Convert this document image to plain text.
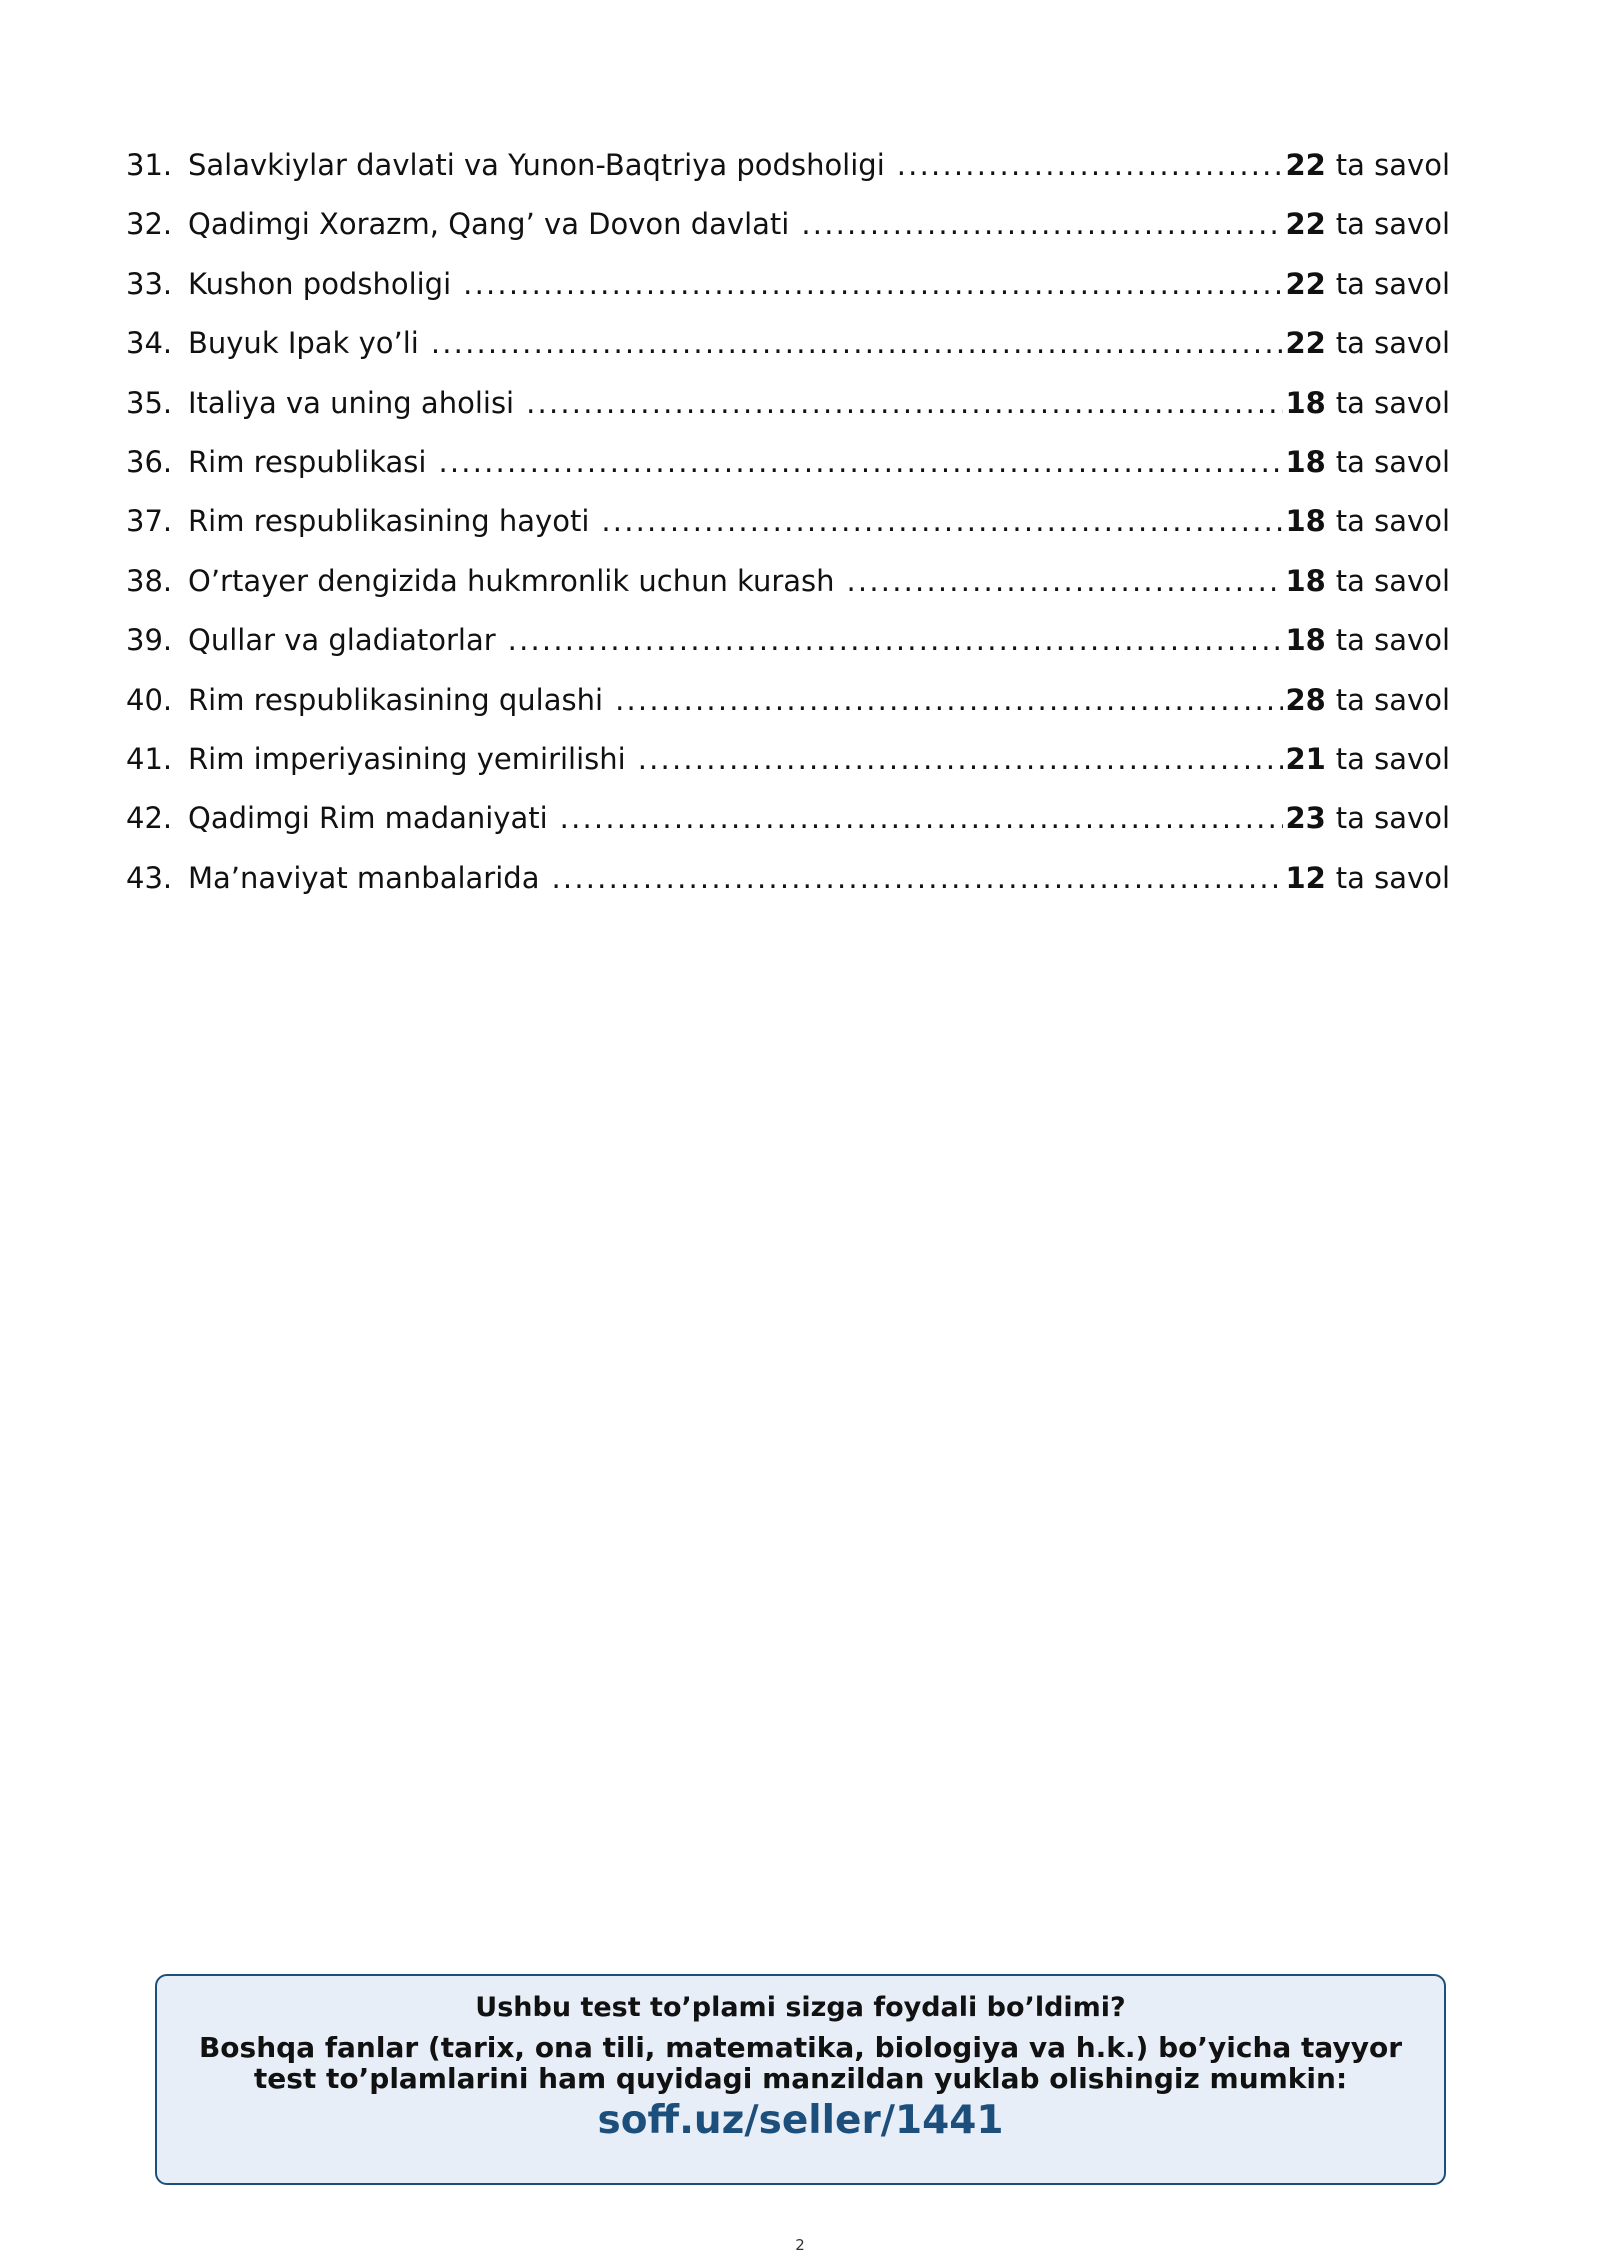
31. Salavkiylar davlati va Yunon-Baqtriya podsholigi .....	22 ta savol
32. Qadimgi Xorazm, Qang’ va Dovon davlati .....	22 ta savol
33. Kushon podsholigi .....	22 ta savol
34. Buyuk Ipak yo’li .....	22 ta savol
35. Italiya va uning aholisi .....	18 ta savol
36. Rim respublikasi .....	18 ta savol
37. Rim respublikasining hayoti .....	18 ta savol
38. O’rtayer dengizida hukmronlik uchun kurash .....	18 ta savol
39. Qullar va gladiatorlar .....	18 ta savol
40. Rim respublikasining qulashi .....	28 ta savol
41. Rim imperiyasining yemirilishi .....	21 ta savol
42. Qadimgi Rim madaniyati .....	23 ta savol
43. Ma’naviyat manbalarida .....	12 ta savol
Ushbu test to’plami sizga foydali bo’ldimi?
Boshqa fanlar (tarix, ona tili, matematika, biologiya va h.k.) bo’yicha tayyor test to’plamlarini ham quyidagi manzildan yuklab olishingiz mumkin:
soff.uz/seller/1441
2
